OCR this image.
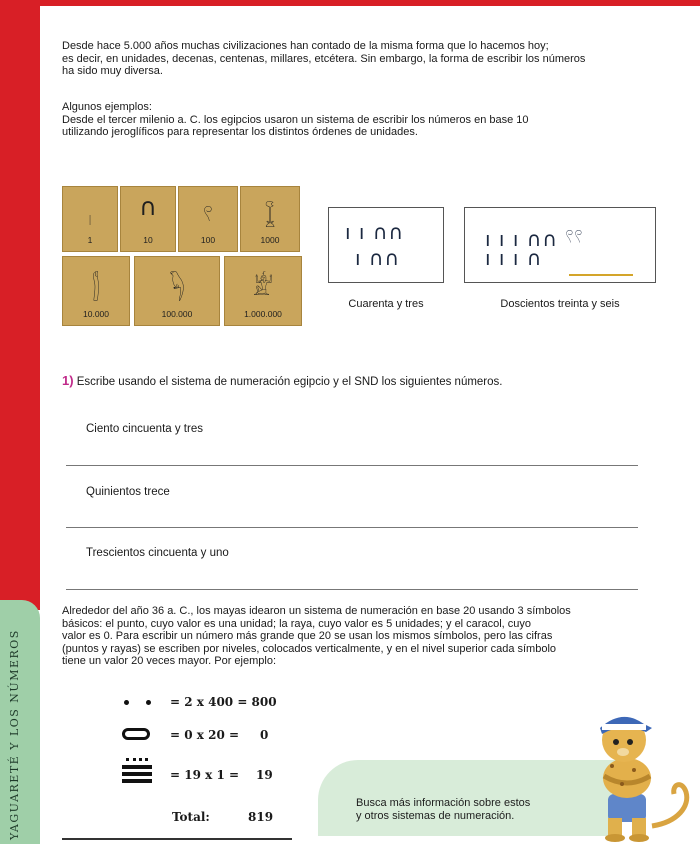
YAGUARETÉ Y LOS NÚMEROS
Desde hace 5.000 años muchas civilizaciones han contado de la misma forma que lo hacemos hoy;
es decir, en unidades, decenas, centenas, millares, etcétera. Sin embargo, la forma de escribir los números
ha sido muy diversa.
Algunos ejemplos:
Desde el tercer milenio a. C. los egipcios usaron un sistema de escribir los números en base 10
utilizando jeroglíficos para representar los distintos órdenes de unidades.
𓏺
1
∩
10
𓍢
100
𓆼
1000
𓂭
10.000
𓆐
100.000
𓁨
1.000.000
ı ı ∩∩
ı ∩∩
Cuarenta y tres
ı ı ı ∩∩ 𓍢𓍢
ı ı ı ∩
Doscientos treinta y seis
1) Escribe usando el sistema de numeración egipcio y el SND los siguientes números.
Ciento cincuenta y tres
Quinientos trece
Trescientos cincuenta y uno
Alrededor del año 36 a. C., los mayas idearon un sistema de numeración en base 20 usando 3 símbolos
básicos: el punto, cuyo valor es una unidad; la raya, cuyo valor es 5 unidades; y el caracol, cuyo
valor es 0. Para escribir un número más grande que 20 se usan los mismos símbolos, pero las cifras
(puntos y rayas) se escriben por niveles, colocados verticalmente, y en el nivel superior cada símbolo
tiene un valor 20 veces mayor. Por ejemplo:
= 2 x 400 = 800
= 0 x 20 = 0
= 19 x 1 = 19
Total:	819
Busca más información sobre estos
y otros sistemas de numeración.
